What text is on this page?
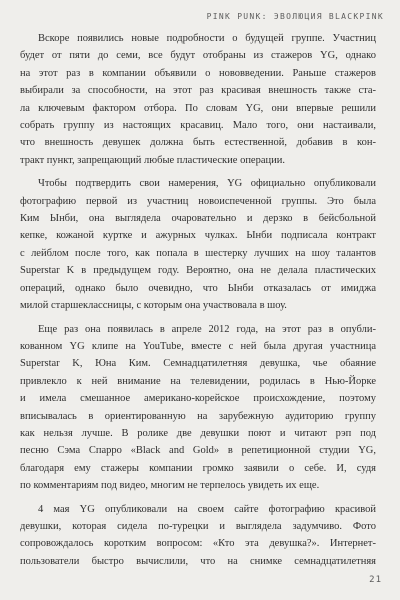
PINK PUNK: ЭВОЛЮЦИЯ BLACKPINK
Вскоре появились новые подробности о будущей группе. Участниц
будет от пяти до семи, все будут отобраны из стажеров YG, однако
на этот раз в компании объявили о нововведении. Раньше стажеров
выбирали за способности, на этот раз красивая внешность также ста-
ла ключевым фактором отбора. По словам YG, они впервые решили
собрать группу из настоящих красавиц. Мало того, они настаивали,
что внешность девушек должна быть естественной, добавив в кон-
тракт пункт, запрещающий любые пластические операции.
Чтобы подтвердить свои намерения, YG официально опубликовали
фотографию первой из участниц новоиспеченной группы. Это была
Ким Ынби, она выглядела очаровательно и дерзко в бейсбольной
кепке, кожаной куртке и ажурных чулках. Ынби подписала контракт
с лейблом после того, как попала в шестерку лучших на шоу талантов
Superstar K в предыдущем году. Вероятно, она не делала пластических
операций, однако было очевидно, что Ынби отказалась от имиджа
милой старшеклассницы, с которым она участвовала в шоу.
Еще раз она появилась в апреле 2012 года, на этот раз в опубли-
кованном YG клипе на YouTube, вместе с ней была другая участница
Superstar K, Юна Ким. Семнадцатилетняя девушка, чье обаяние
привлекло к ней внимание на телевидении, родилась в Нью-Йорке
и имела смешанное американо-корейское происхождение, поэтому
вписывалась в ориентированную на зарубежную аудиторию группу
как нельзя лучше. В ролике две девушки поют и читают рэп под
песню Сэма Спарро «Black and Gold» в репетиционной студии YG,
благодаря ему стажеры компании громко заявили о себе. И, судя
по комментариям под видео, многим не терпелось увидеть их еще.
4 мая YG опубликовали на своем сайте фотографию красивой
девушки, которая сидела по-турецки и выглядела задумчиво. Фото
сопровождалось коротким вопросом: «Кто эта девушка?». Интернет-
пользователи быстро вычислили, что на снимке семнадцатилетняя
21
